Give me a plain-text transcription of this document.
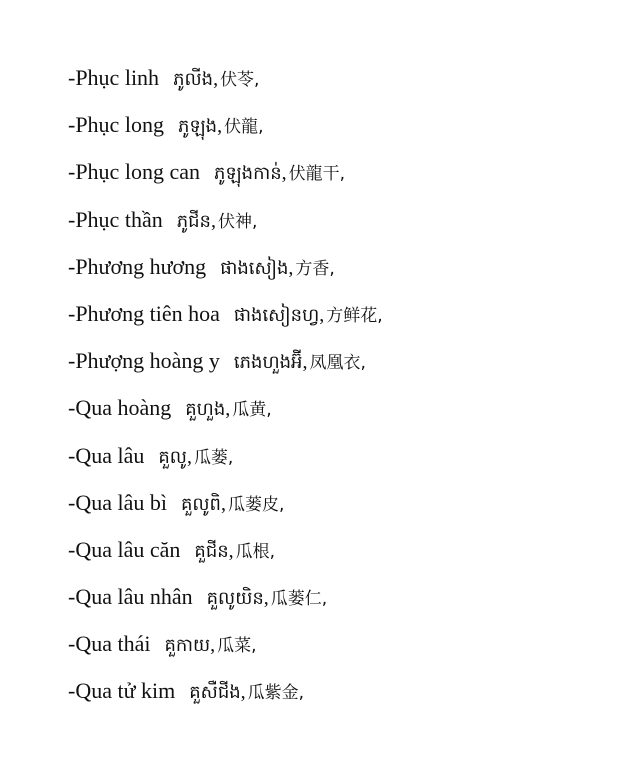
-Phục linh ភូលីង, 伏苓,
-Phục long ភូឡុង, 伏龍,
-Phục long can ភូឡុងកាន់, 伏龍干,
-Phục thần ភូជីន, 伏神,
-Phương hương ផាងសៀង, 方香,
-Phương tiên hoa ផាងសៀនហ្វ, 方鲜花,
-Phượng hoàng y ភេងហួងអ៊ី, 凤凰衣,
-Qua hoàng គួហួង, 瓜黄,
-Qua lâu គួលូ, 瓜蒌,
-Qua lâu bì គួលូពិ, 瓜蒌皮,
-Qua lâu căn គួជីន, 瓜根,
-Qua lâu nhân គួលូយិន, 瓜蒌仁,
-Qua thái គួកាយ, 瓜菜,
-Qua tử kim គួសឺជីង, 瓜紫金,
